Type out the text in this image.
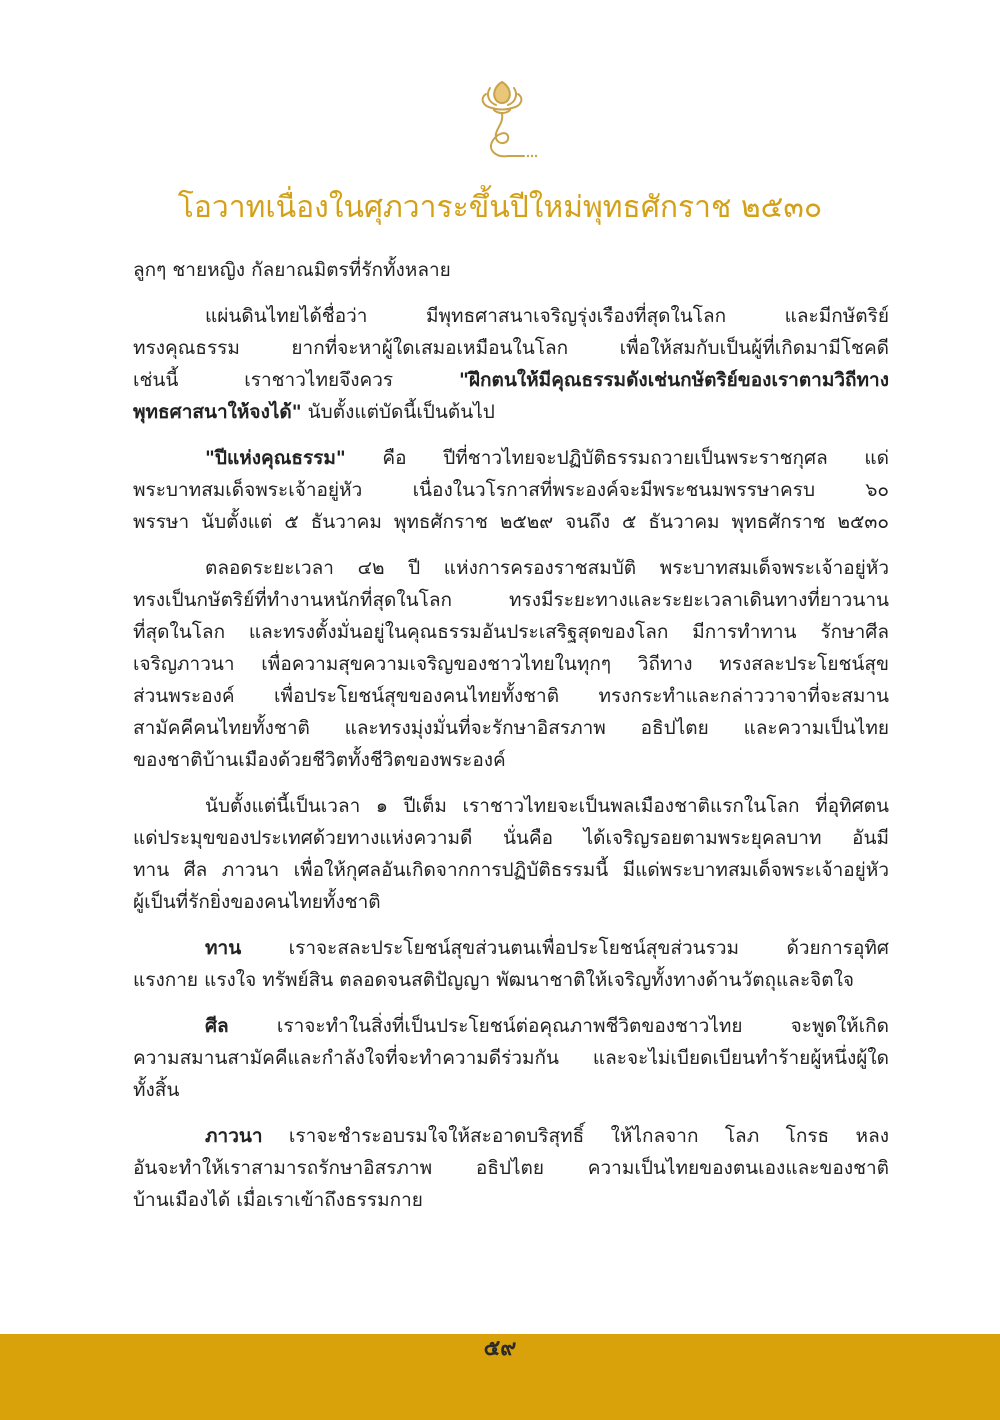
โอวาทเนื่องในศุภวาระขึ้นปีใหม่พุทธศักราช ๒๕๓๐
ลูกๆ ชายหญิง กัลยาณมิตรที่รักทั้งหลาย
แผ่นดินไทยได้ชื่อว่า มีพุทธศาสนาเจริญรุ่งเรืองที่สุดในโลก และมีกษัตริย์
ทรงคุณธรรม ยากที่จะหาผู้ใดเสมอเหมือนในโลก เพื่อให้สมกับเป็นผู้ที่เกิดมามีโชคดี
เช่นนี้ เราชาวไทยจึงควร "ฝึกตนให้มีคุณธรรมดังเช่นกษัตริย์ของเราตามวิถีทาง
พุทธศาสนาให้จงได้" นับตั้งแต่บัดนี้เป็นต้นไป
"ปีแห่งคุณธรรม" คือ ปีที่ชาวไทยจะปฏิบัติธรรมถวายเป็นพระราชกุศล แด่
พระบาทสมเด็จพระเจ้าอยู่หัว เนื่องในวโรกาสที่พระองค์จะมีพระชนมพรรษาครบ ๖๐
พรรษา นับตั้งแต่ ๕ ธันวาคม พุทธศักราช ๒๕๒๙ จนถึง ๕ ธันวาคม พุทธศักราช ๒๕๓๐
ตลอดระยะเวลา ๔๒ ปี แห่งการครองราชสมบัติ พระบาทสมเด็จพระเจ้าอยู่หัว
ทรงเป็นกษัตริย์ที่ทำงานหนักที่สุดในโลก ทรงมีระยะทางและระยะเวลาเดินทางที่ยาวนาน
ที่สุดในโลก และทรงตั้งมั่นอยู่ในคุณธรรมอันประเสริฐสุดของโลก มีการทำทาน รักษาศีล
เจริญภาวนา เพื่อความสุขความเจริญของชาวไทยในทุกๆ วิถีทาง ทรงสละประโยชน์สุข
ส่วนพระองค์ เพื่อประโยชน์สุขของคนไทยทั้งชาติ ทรงกระทำและกล่าววาจาที่จะสมาน
สามัคคีคนไทยทั้งชาติ และทรงมุ่งมั่นที่จะรักษาอิสรภาพ อธิปไตย และความเป็นไทย
ของชาติบ้านเมืองด้วยชีวิตทั้งชีวิตของพระองค์
นับตั้งแต่นี้เป็นเวลา ๑ ปีเต็ม เราชาวไทยจะเป็นพลเมืองชาติแรกในโลก ที่อุทิศตน
แด่ประมุขของประเทศด้วยทางแห่งความดี นั่นคือ ได้เจริญรอยตามพระยุคลบาท อันมี
ทาน ศีล ภาวนา เพื่อให้กุศลอันเกิดจากการปฏิบัติธรรมนี้ มีแด่พระบาทสมเด็จพระเจ้าอยู่หัว
ผู้เป็นที่รักยิ่งของคนไทยทั้งชาติ
ทาน เราจะสละประโยชน์สุขส่วนตนเพื่อประโยชน์สุขส่วนรวม ด้วยการอุทิศ
แรงกาย แรงใจ ทรัพย์สิน ตลอดจนสติปัญญา พัฒนาชาติให้เจริญทั้งทางด้านวัตถุและจิตใจ
ศีล เราจะทำในสิ่งที่เป็นประโยชน์ต่อคุณภาพชีวิตของชาวไทย จะพูดให้เกิด
ความสมานสามัคคีและกำลังใจที่จะทำความดีร่วมกัน และจะไม่เบียดเบียนทำร้ายผู้หนึ่งผู้ใด
ทั้งสิ้น
ภาวนา เราจะชำระอบรมใจให้สะอาดบริสุทธิ์ ให้ไกลจาก โลภ โกรธ หลง
อันจะทำให้เราสามารถรักษาอิสรภาพ อธิปไตย ความเป็นไทยของตนเองและของชาติ
บ้านเมืองได้ เมื่อเราเข้าถึงธรรมกาย
๕๙
